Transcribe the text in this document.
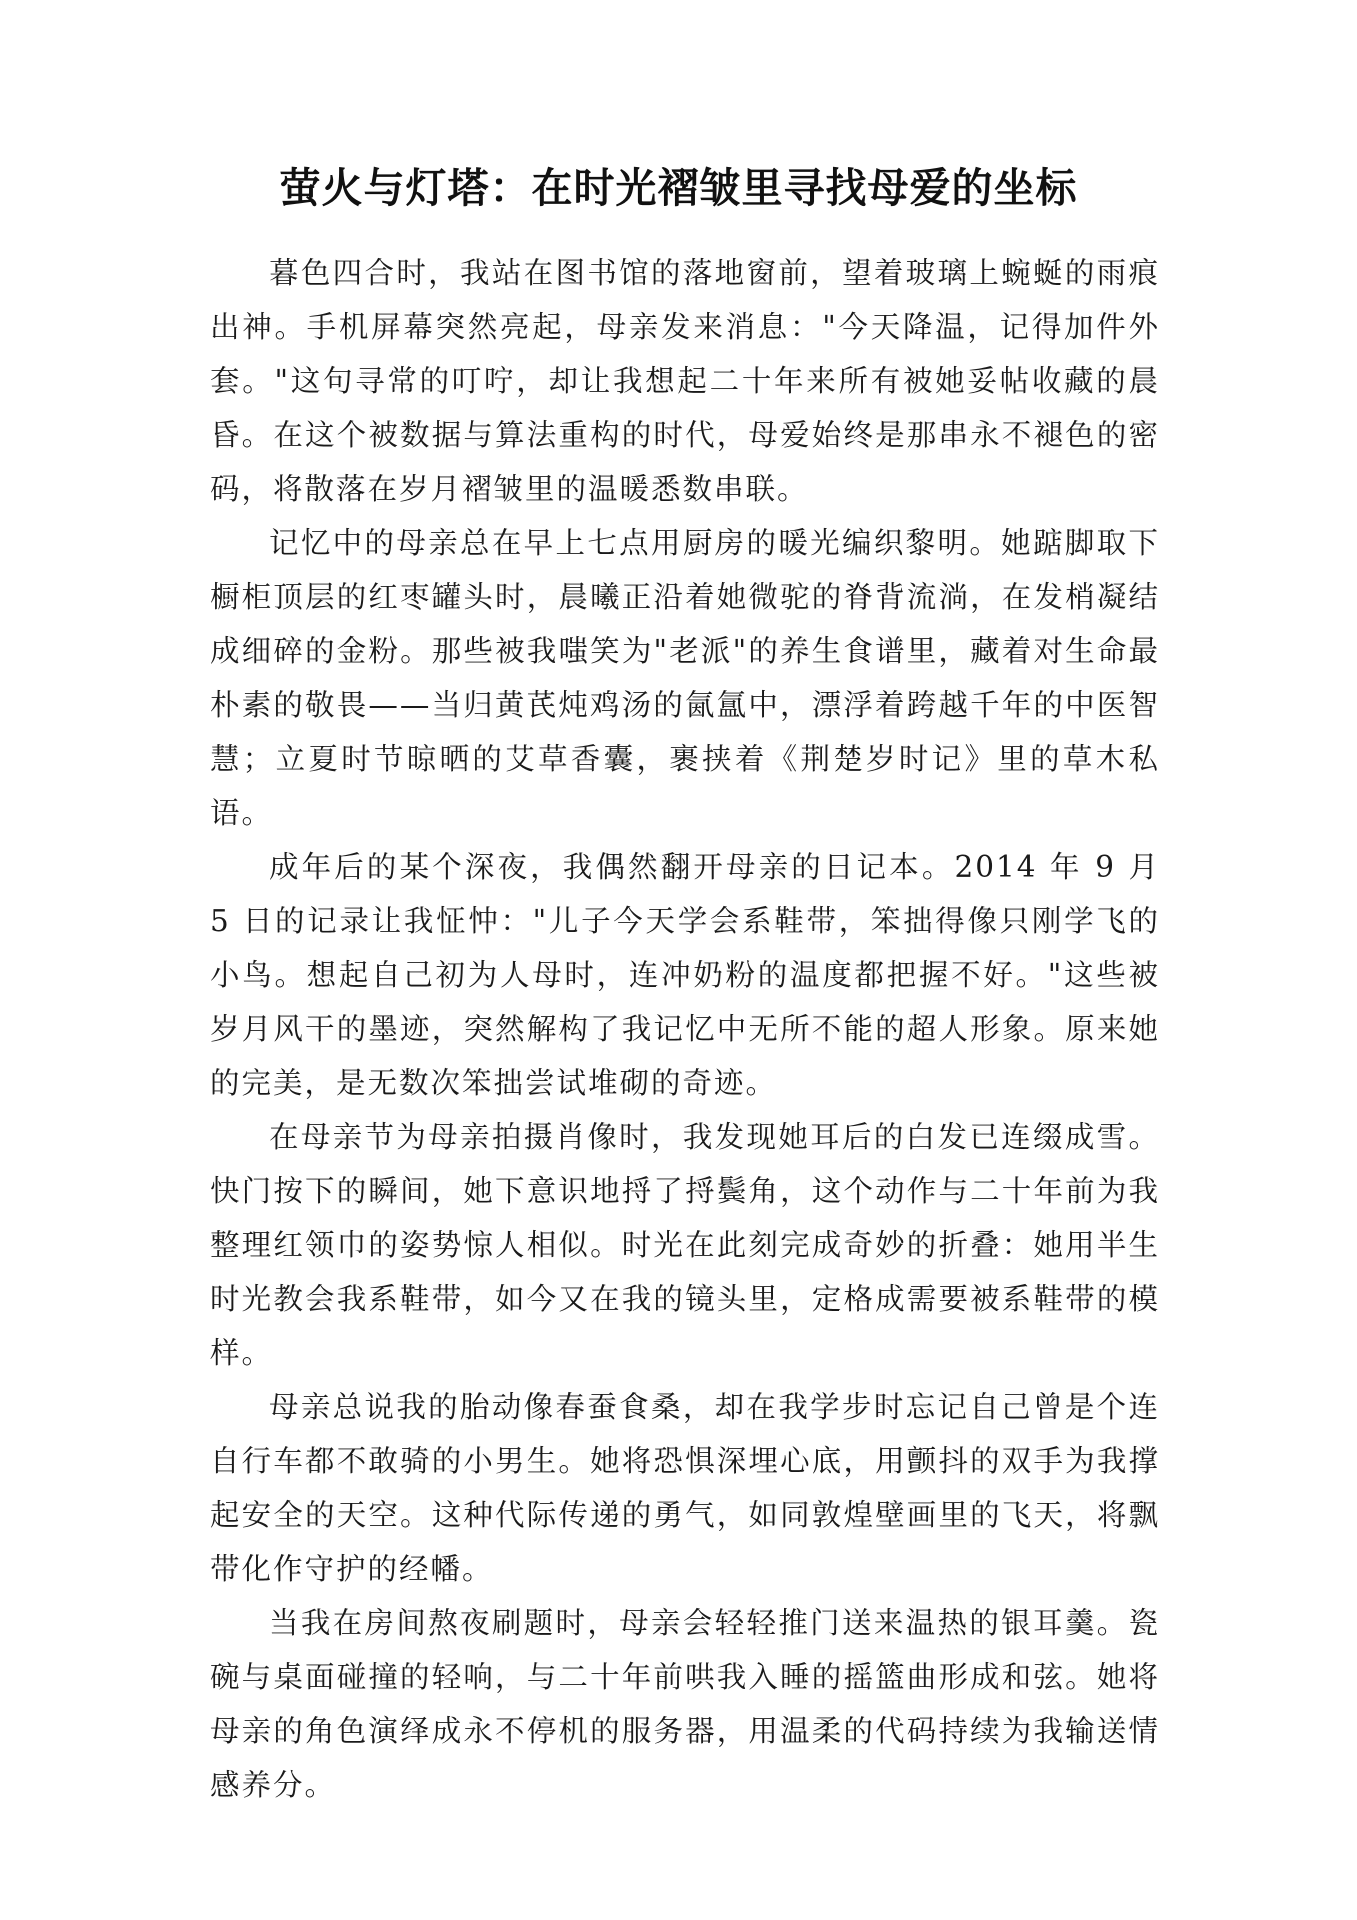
萤火与灯塔：在时光褶皱里寻找母爱的坐标

暮色四合时，我站在图书馆的落地窗前，望着玻璃上蜿蜒的雨痕出神。手机屏幕突然亮起，母亲发来消息："今天降温，记得加件外套。"这句寻常的叮咛，却让我想起二十年来所有被她妥帖收藏的晨昏。在这个被数据与算法重构的时代，母爱始终是那串永不褪色的密码，将散落在岁月褶皱里的温暖悉数串联。

记忆中的母亲总在早上七点用厨房的暖光编织黎明。她踮脚取下橱柜顶层的红枣罐头时，晨曦正沿着她微驼的脊背流淌，在发梢凝结成细碎的金粉。那些被我嗤笑为"老派"的养生食谱里，藏着对生命最朴素的敬畏——当归黄芪炖鸡汤的氤氲中，漂浮着跨越千年的中医智慧；立夏时节晾晒的艾草香囊，裹挟着《荆楚岁时记》里的草木私语。

成年后的某个深夜，我偶然翻开母亲的日记本。2014 年 9 月 5 日的记录让我怔忡："儿子今天学会系鞋带，笨拙得像只刚学飞的小鸟。想起自己初为人母时，连冲奶粉的温度都把握不好。"这些被岁月风干的墨迹，突然解构了我记忆中无所不能的超人形象。原来她的完美，是无数次笨拙尝试堆砌的奇迹。

在母亲节为母亲拍摄肖像时，我发现她耳后的白发已连缀成雪。快门按下的瞬间，她下意识地捋了捋鬓角，这个动作与二十年前为我整理红领巾的姿势惊人相似。时光在此刻完成奇妙的折叠：她用半生时光教会我系鞋带，如今又在我的镜头里，定格成需要被系鞋带的模样。

母亲总说我的胎动像春蚕食桑，却在我学步时忘记自己曾是个连自行车都不敢骑的小男生。她将恐惧深埋心底，用颤抖的双手为我撑起安全的天空。这种代际传递的勇气，如同敦煌壁画里的飞天，将飘带化作守护的经幡。

当我在房间熬夜刷题时，母亲会轻轻推门送来温热的银耳羹。瓷碗与桌面碰撞的轻响，与二十年前哄我入睡的摇篮曲形成和弦。她将母亲的角色演绎成永不停机的服务器，用温柔的代码持续为我输送情感养分。
